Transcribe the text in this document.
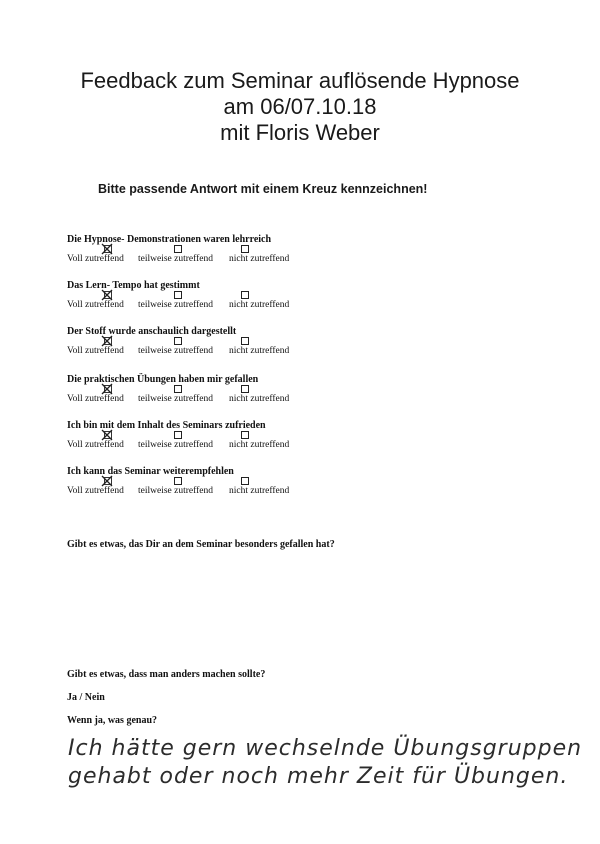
Feedback zum Seminar auflösende Hypnose
am 06/07.10.18
mit Floris Weber
Bitte passende Antwort mit einem Kreuz kennzeichnen!
Die Hypnose- Demonstrationen waren lehrreich
Voll zutreffend teilweise zutreffend nicht zutreffend
Das Lern- Tempo hat gestimmt
Voll zutreffend teilweise zutreffend nicht zutreffend
Der Stoff wurde anschaulich dargestellt
Voll zutreffend teilweise zutreffend nicht zutreffend
Die praktischen Übungen haben mir gefallen
Voll zutreffend teilweise zutreffend nicht zutreffend
Ich bin mit dem Inhalt des Seminars zufrieden
Voll zutreffend teilweise zutreffend nicht zutreffend
Ich kann das Seminar weiterempfehlen
Voll zutreffend teilweise zutreffend nicht zutreffend
Gibt es etwas, das Dir an dem Seminar besonders gefallen hat?
Gibt es etwas, dass man anders machen sollte?
Ja / Nein
Wenn ja, was genau?
Ich hätte gern wechselnde Übungsgruppen
gehabt oder noch mehr Zeit für Übungen.
